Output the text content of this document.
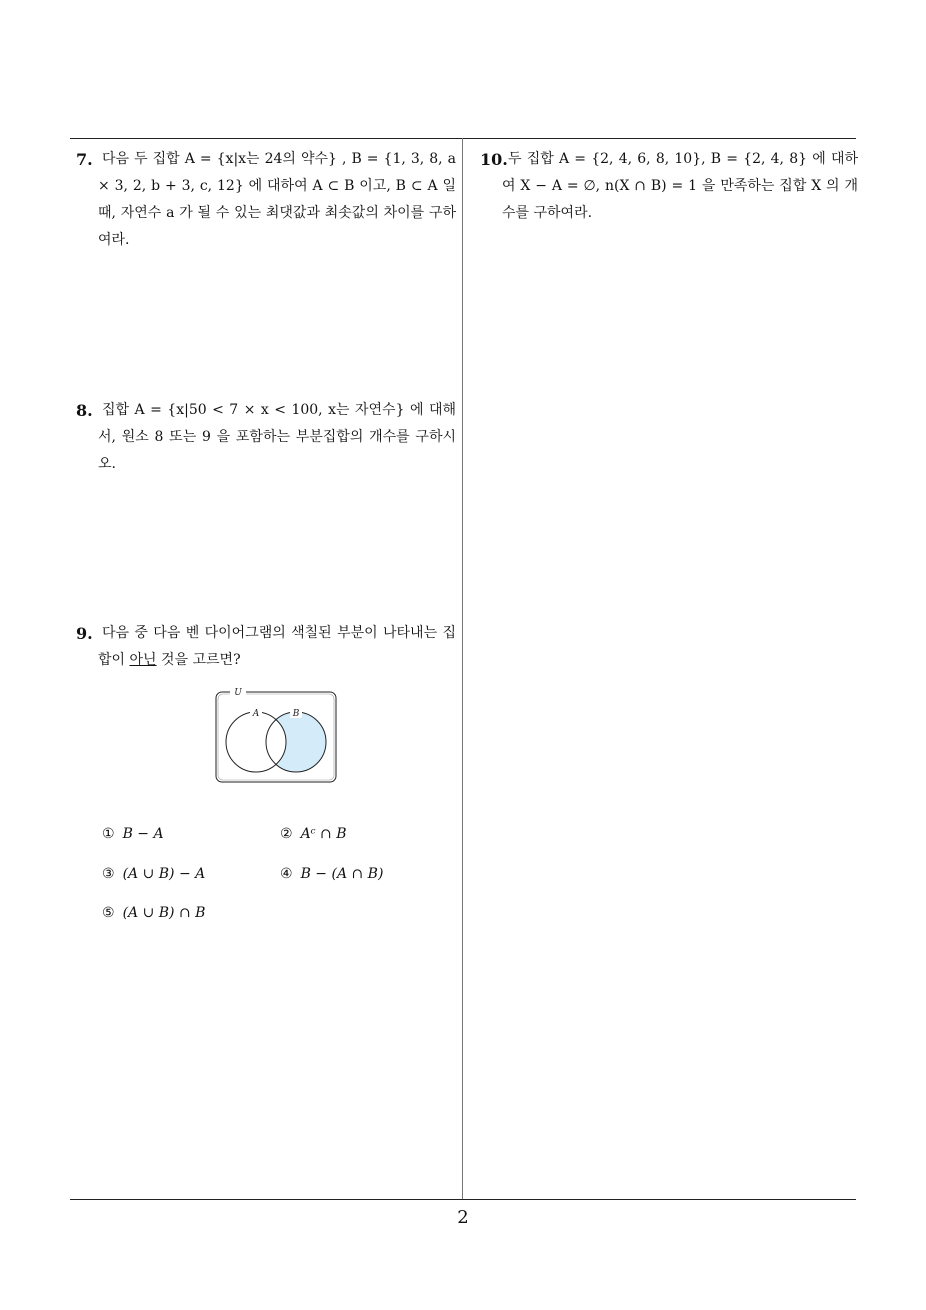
7. 다음 두 집합 A = {x|x는 24의 약수} , B = {1, 3, 8, a × 3, 2, b + 3, c, 12} 에 대하여 A ⊂ B 이고, B ⊂ A 일 때, 자연수 a 가 될 수 있는 최댓값과 최솟값의 차이를 구하여라.
8. 집합 A = {x|50 < 7 × x < 100, x는 자연수} 에 대해서, 원소 8 또는 9 을 포함하는 부분집합의 개수를 구하시오.
9. 다음 중 다음 벤 다이어그램의 색칠된 부분이 나타내는 집합이 아닌 것을 고르면?
U
A	B
① B − A	② Aᶜ ∩ B
③ (A ∪ B) − A	④ B − (A ∩ B)
⑤ (A ∪ B) ∩ B
10. 두 집합 A = {2, 4, 6, 8, 10}, B = {2, 4, 8} 에 대하여 X − A = ∅, n(X ∩ B) = 1 을 만족하는 집합 X 의 개수를 구하여라.
2
